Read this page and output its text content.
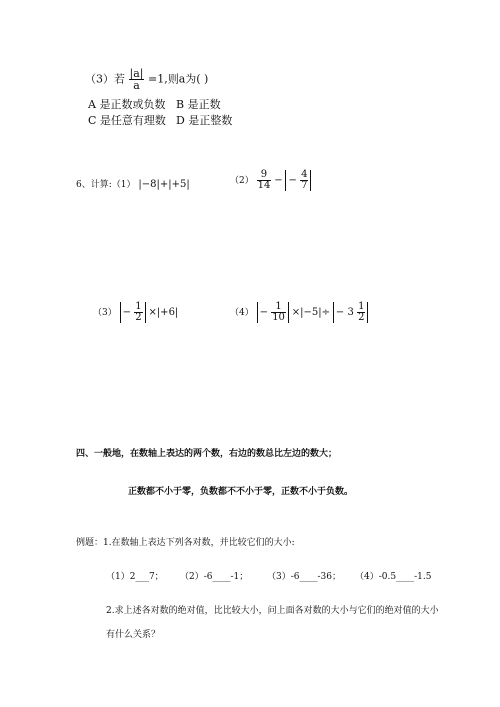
（3）若 $\frac{|a|}{a} =1$,则a为( )
A 是正数或负数 B 是正数
C 是任意有理数 D 是正整数
6、计算:（1） |−8|+|+5|	$(2) \frac{9}{14}$ − − $\frac{4}{7}$
$(3) - \frac{1}{2} \times|+6|$	$(4) - \frac{1}{10} \times|-5|\div - 3 \frac{1}{2}$
四、一般地，在数轴上表达的两个数，右边的数总比左边的数大；
正数都不小于零，负数都不不小于零，正数不小于负数。
例题：1.在数轴上表达下列各对数，并比较它们的大小:
（1）2___7； （2）-6____-1； （3）-6____-36； （4）-0.5____-1.5
2.求上述各对数的绝对值，比比较大小，问上面各对数的大小与它们的绝对值的大小
有什么关系？
